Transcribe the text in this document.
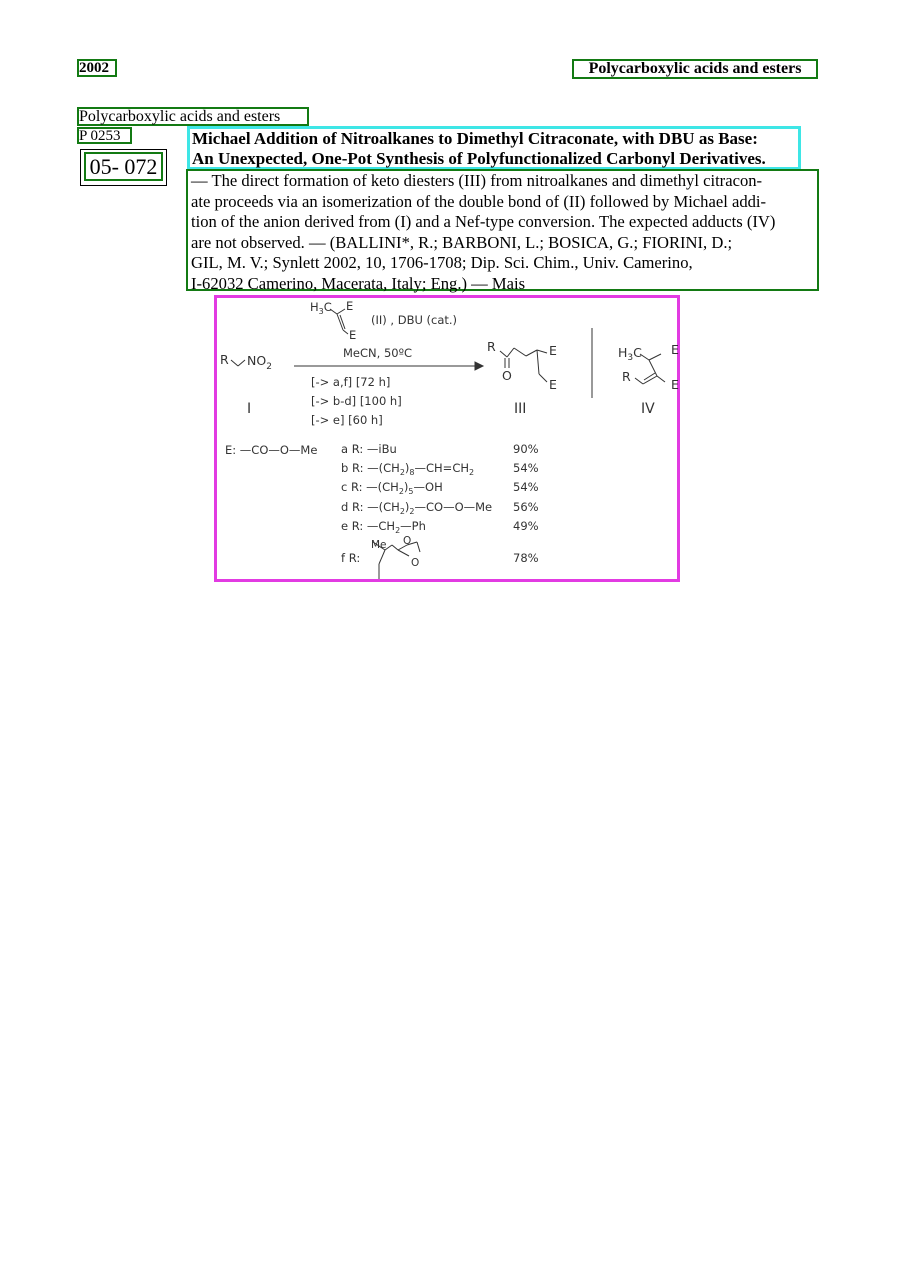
2002	Polycarboxylic acids and esters
Polycarboxylic acids and esters
P 0253
05- 072
Michael Addition of Nitroalkanes to Dimethyl Citraconate, with DBU as Base:
An Unexpected, One-Pot Synthesis of Polyfunctionalized Carbonyl Derivatives.
— The direct formation of keto diesters (III) from nitroalkanes and dimethyl citracon-
ate proceeds via an isomerization of the double bond of (II) followed by Michael addi-
tion of the anion derived from (I) and a Nef-type conversion. The expected adducts (IV)
are not observed. — (BALLINI*, R.; BARBONI, L.; BOSICA, G.; FIORINI, D.;
GIL, M. V.; Synlett 2002, 10, 1706-1708; Dip. Sci. Chim., Univ. Camerino,
I-62032 Camerino, Macerata, Italy; Eng.) — Mais
$H_3C$ E
E
(II) , DBU (cat.)
R $NO_2$
MeCN, 50ºC
[-> a,f] [72 h]
[-> b-d] [100 h]
[-> e] [60 h]
I
R
O
E
E
III
$H_3C$ E
R
E
IV
E: —CO—O—Me a R: —iBu	90%
b R: $—(CH_2)_8—CH=CH_2$	54%
c R: $—(CH_2)_5—OH$	54%
d R: $—(CH_2)_2—CO—O—Me$ 56%
e R: $—CH_2—Ph$	49%
f R:
Me O
O	78%
